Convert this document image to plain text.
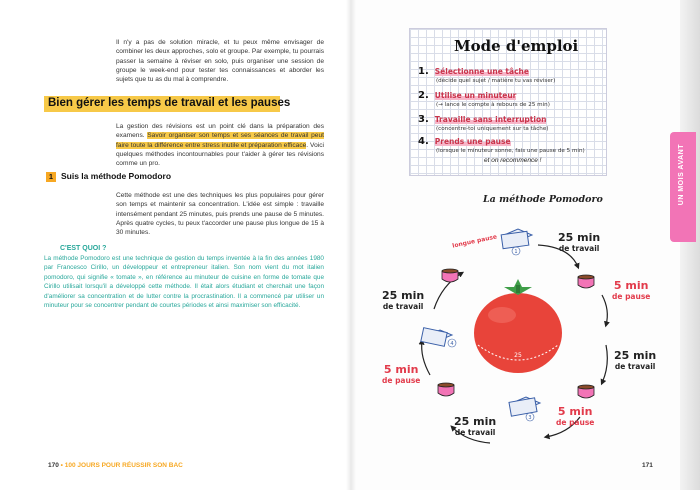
Il n'y a pas de solution miracle, et tu peux même envisager de combiner les deux approches, solo et groupe. Par exemple, tu pourrais passer la semaine à réviser en solo, puis organiser une session de groupe le week-end pour tester tes connaissances et aborder les sujets que tu as du mal à comprendre.

Bien gérer les temps de travail et les pauses

La gestion des révisions est un point clé dans la préparation des examens. Savoir organiser son temps et ses séances de travail peut faire toute la différence entre stress inutile et préparation efficace. Voici quelques méthodes incontournables pour t'aider à gérer tes révisions comme un pro.

1 Suis la méthode Pomodoro

Cette méthode est une des techniques les plus populaires pour gérer son temps et maintenir sa concentration. L'idée est simple : travaille intensément pendant 25 minutes, puis prends une pause de 5 minutes. Après quatre cycles, tu peux t'accorder une pause plus longue de 15 à 30 minutes.

C'EST QUOI ?

La méthode Pomodoro est une technique de gestion du temps inventée à la fin des années 1980 par Francesco Cirillo, un développeur et entrepreneur italien. Son nom vient du mot italien pomodoro, qui signifie « tomate », en référence au minuteur de cuisine en forme de tomate que Cirillo utilisait lorsqu'il a développé cette méthode. Il était alors étudiant et cherchait une façon d'améliorer sa concentration et de lutter contre la procrastination. Il a commencé par utiliser un minuteur pour se concentrer pendant de courtes périodes et ainsi maximiser son efficacité.

170 • 100 JOURS POUR RÉUSSIR SON BAC
Mode d'emploi
1. Sélectionne une tâche
(décide quel sujet / matière tu vas réviser)
2. Utilise un minuteur
(→ lance le compte à rebours de 25 min)
3. Travaille sans interruption
(concentre-toi uniquement sur ta tâche)
4. Prends une pause
(lorsque le minuteur sonne, fais une pause de 5 min)
et on recommence !
La méthode Pomodoro
25
1
3
4
longue pause	25 min
de travail
5 min
de pause
25 min
de travail
5 min
de pause
25 min
de travail
5 min
de pause
25 min
de travail
UN MOIS AVANT
171
